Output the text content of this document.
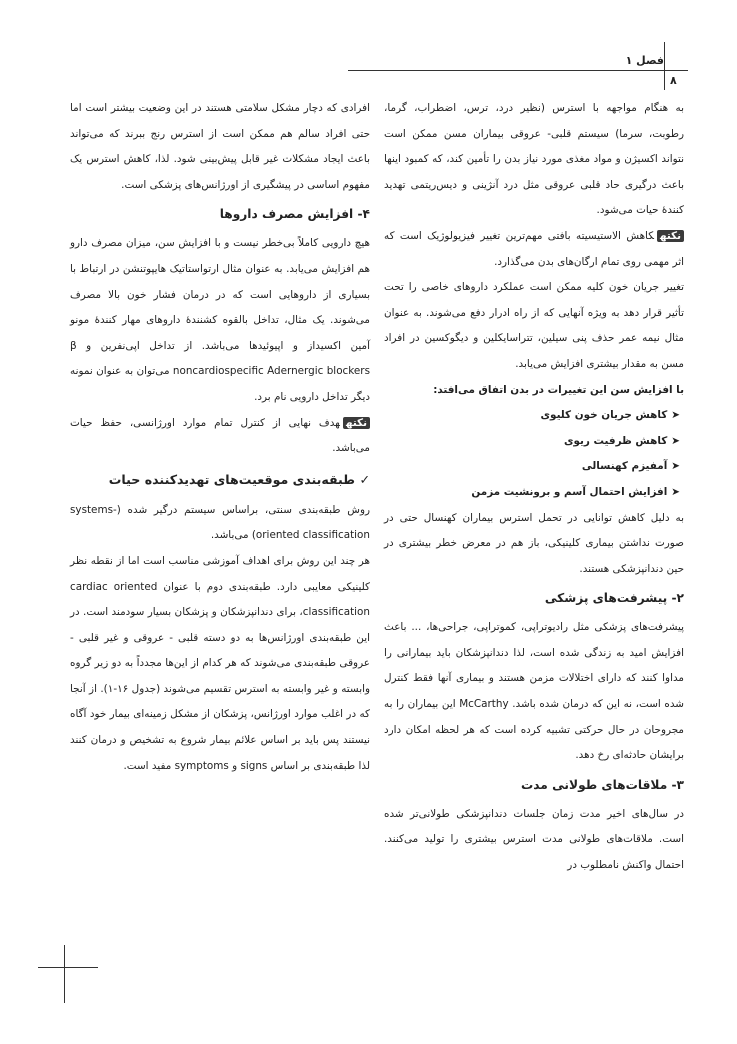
فصل ۱
۸

به هنگام مواجهه با استرس (نظیر درد، ترس، اضطراب، گرما، رطوبت، سرما) سیستم قلبی- عروقی بیماران مسن ممکن است نتواند اکسیژن و مواد مغذی مورد نیاز بدن را تأمین کند، که کمبود اینها باعث درگیری حاد قلبی عروقی مثل درد آنژینی و دیس‌ریتمی تهدید کنندهٔ حیات می‌شود.

نکتهکاهش الاستیسیته بافتی مهم‌ترین تغییر فیزیولوژیک است که اثر مهمی روی تمام ارگان‌های بدن می‌گذارد.

تغییر جریان خون کلیه ممکن است عملکرد داروهای خاصی را تحت تأثیر قرار دهد به ویژه آنهایی که از راه ادرار دفع می‌شوند. به عنوان مثال نیمه عمر حذف پنی سیلین، تتراسایکلین و دیگوکسین در افراد مسن به مقدار بیشتری افزایش می‌یابد.

با افزایش سن این تغییرات در بدن اتفاق می‌افتد:

➤کاهش جریان خون کلیوی
➤کاهش ظرفیت ریوی
➤آمفیزم کهنسالی
➤افزایش احتمال آسم و برونشیت مزمن

به دلیل کاهش توانایی در تحمل استرس بیماران کهنسال حتی در صورت نداشتن بیماری کلینیکی، باز هم در معرض خطر بیشتری در حین دندانپزشکی هستند.

۲- پیشرفت‌های پزشکی

پیشرفت‌های پزشکی مثل رادیوتراپی، کموتراپی، جراحی‌ها، ... باعث افزایش امید به زندگی شده است، لذا دندانپزشکان باید بیمارانی را مداوا کنند که دارای اختلالات مزمن هستند و بیماری آنها فقط کنترل شده است، نه این که درمان شده باشد. McCarthy این بیماران را به مجروحان در حال حرکتی تشبیه کرده است که هر لحظه امکان دارد برایشان حادثه‌ای رخ دهد.

۳- ملاقات‌های طولانی مدت

در سال‌های اخیر مدت زمان جلسات دندانپزشکی طولانی‌تر شده است. ملاقات‌های طولانی مدت استرس بیشتری را تولید می‌کنند. احتمال واکنش نامطلوب در

افرادی که دچار مشکل سلامتی هستند در این وضعیت بیشتر است اما حتی افراد سالم هم ممکن است از استرس رنج ببرند که می‌تواند باعث ایجاد مشکلات غیر قابل پیش‌بینی شود. لذا، کاهش استرس یک مفهوم اساسی در پیشگیری از اورژانس‌های پزشکی است.

۴- افزایش مصرف داروها

هیچ دارویی کاملاً بی‌خطر نیست و با افزایش سن، میزان مصرف دارو هم افزایش می‌یابد. به عنوان مثال ارتواستاتیک هایپوتنشن در ارتباط با بسیاری از داروهایی است که در درمان فشار خون بالا مصرف می‌شوند. یک مثال، تداخل بالقوه کشنندهٔ داروهای مهار کنندهٔ مونو آمین اکسیداز و اپیوئیدها می‌باشد. از تداخل اپی‌نفرین و β noncardiospecific Adernergic blockers می‌توان به عنوان نمونه دیگر تداخل دارویی نام برد.

نکتههدف نهایی از کنترل تمام موارد اورژانسی، حفظ حیات می‌باشد.

✓ طبقه‌بندی موقعیت‌های تهدیدکننده حیات

روش طبقه‌بندی سنتی، براساس سیستم درگیر شده (systems-oriented classification) می‌باشد.

هر چند این روش برای اهداف آموزشی مناسب است اما از نقطه نظر کلینیکی معایبی دارد. طبقه‌بندی دوم با عنوان cardiac oriented classification، برای دندانپزشکان و پزشکان بسیار سودمند است. در این طبقه‌بندی اورژانس‌ها به دو دسته قلبی - عروقی و غیر قلبی - عروقی طبقه‌بندی می‌شوند که هر کدام از این‌ها مجدداً به دو زیر گروه وابسته و غیر وابسته به استرس تقسیم می‌شوند (جدول ۱۶-۱). از آنجا که در اغلب موارد اورژانس، پزشکان از مشکل زمینه‌ای بیمار خود آگاه نیستند پس باید بر اساس علائم بیمار شروع به تشخیص و درمان کنند لذا طبقه‌بندی بر اساس signs و symptoms مفید است.
